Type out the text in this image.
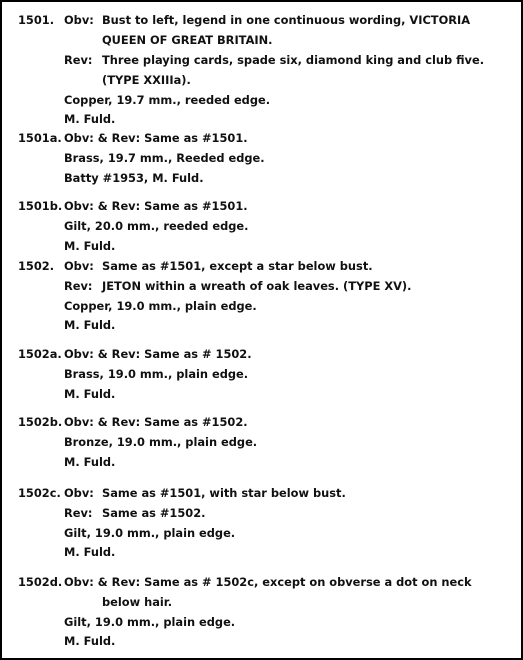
1501. Obv: Bust to left, legend in one continuous wording, VICTORIA
QUEEN OF GREAT BRITAIN.
Rev: Three playing cards, spade six, diamond king and club five.
(TYPE XXIIIa).
Copper, 19.7 mm., reeded edge.
M. Fuld.
1501a. Obv: & Rev: Same as #1501.
Brass, 19.7 mm., Reeded edge.
Batty #1953, M. Fuld.
1501b. Obv: & Rev: Same as #1501.
Gilt, 20.0 mm., reeded edge.
M. Fuld.
1502. Obv: Same as #1501, except a star below bust.
Rev: JETON within a wreath of oak leaves. (TYPE XV).
Copper, 19.0 mm., plain edge.
M. Fuld.
1502a. Obv: & Rev: Same as # 1502.
Brass, 19.0 mm., plain edge.
M. Fuld.
1502b. Obv: & Rev: Same as #1502.
Bronze, 19.0 mm., plain edge.
M. Fuld.
1502c. Obv: Same as #1501, with star below bust.
Rev: Same as #1502.
Gilt, 19.0 mm., plain edge.
M. Fuld.
1502d. Obv: & Rev: Same as # 1502c, except on obverse a dot on neck
below hair.
Gilt, 19.0 mm., plain edge.
M. Fuld.
